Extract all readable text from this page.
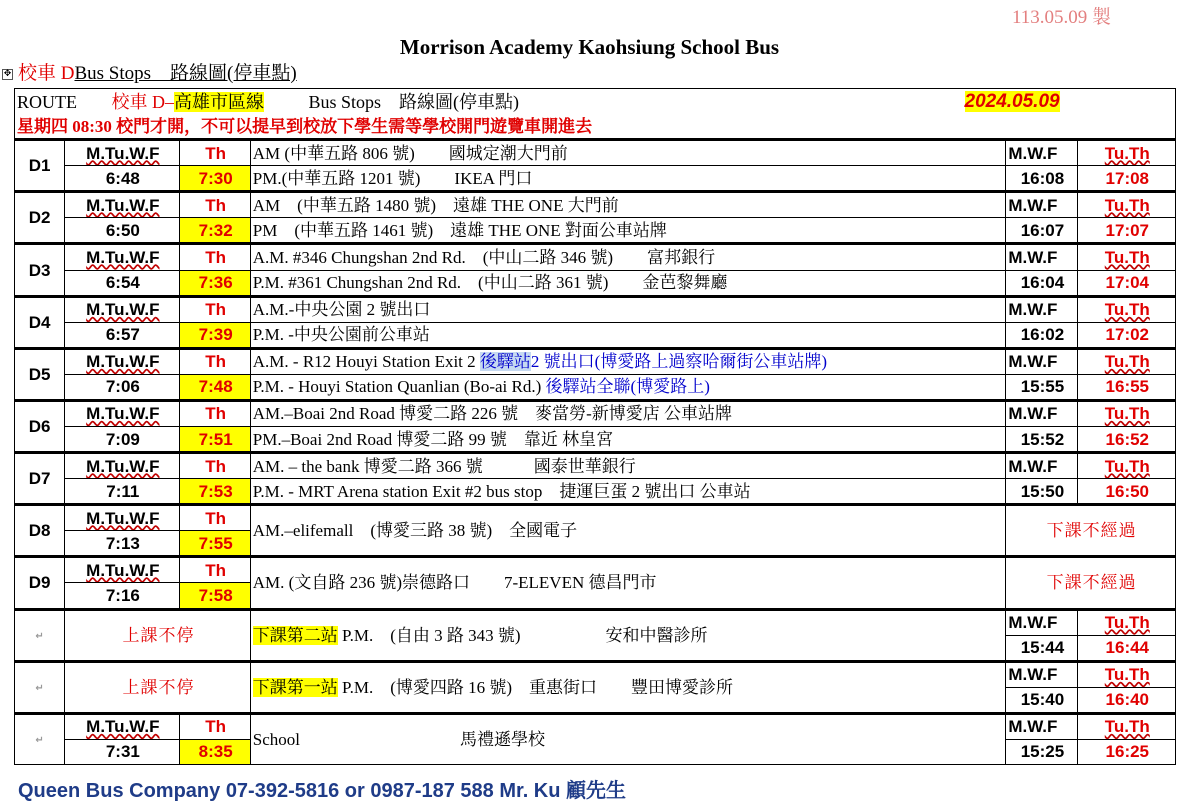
113.05.09 製
Morrison Academy Kaohsiung School Bus
✥ 校車 DBus Stops　路線圖(停車點)
ROUTE 校車 D–高雄市區線 Bus Stops　路線圖(停車點) 2024.05.09					

星期四 08:30 校門才開，不可以提早到校放下學生需等學校開門遊覽車開進去					
D1	M.Tu.W.F	Th	AM (中華五路 806 號)　　國城定潮大門前	M.W.F	Tu.Th
	6:48	7:30	PM.(中華五路 1201 號)　　IKEA 門口	16:08	17:08
D2	M.Tu.W.F	Th	AM　(中華五路 1480 號)　遠雄 THE ONE 大門前	M.W.F	Tu.Th
	6:50	7:32	PM　(中華五路 1461 號)　遠雄 THE ONE 對面公車站牌	16:07	17:07
D3	M.Tu.W.F	Th	A.M. #346 Chungshan 2nd Rd.　(中山二路 346 號)　　富邦銀行	M.W.F	Tu.Th
	6:54	7:36	P.M. #361 Chungshan 2nd Rd.　(中山二路 361 號)　　金芭黎舞廳	16:04	17:04
D4	M.Tu.W.F	Th	A.M.-中央公園 2 號出口	M.W.F	Tu.Th
	6:57	7:39	P.M. -中央公園前公車站	16:02	17:02
D5	M.Tu.W.F	Th	A.M. - R12 Houyi Station Exit 2 後驛站2 號出口(博愛路上過察哈爾街公車站牌)	M.W.F	Tu.Th
	7:06	7:48	P.M. - Houyi Station Quanlian (Bo-ai Rd.) 後驛站全聯(博愛路上)	15:55	16:55
D6	M.Tu.W.F	Th	AM.–Boai 2nd Road 博愛二路 226 號　麥當勞-新博愛店 公車站牌	M.W.F	Tu.Th
	7:09	7:51	PM.–Boai 2nd Road 博愛二路 99 號　靠近 林皇宮	15:52	16:52
D7	M.Tu.W.F	Th	AM. – the bank 博愛二路 366 號　　　國泰世華銀行	M.W.F	Tu.Th
	7:11	7:53	P.M. - MRT Arena station Exit #2 bus stop　捷運巨蛋 2 號出口 公車站	15:50	16:50
D8	M.Tu.W.F	Th	AM.–elifemall　(博愛三路 38 號)　全國電子	下課不經過	
	7:13	7:55			
D9	M.Tu.W.F	Th	AM. (文自路 236 號)崇德路口　　7-ELEVEN 德昌門市	下課不經過	
	7:16	7:58			
↵	上課不停		下課第二站 P.M.　(自由 3 路 343 號)　　　　　安和中醫診所	M.W.F	Tu.Th
				15:44	16:44
↵	上課不停		下課第一站 P.M.　(博愛四路 16 號)　重惠街口　　豐田博愛診所	M.W.F	Tu.Th
				15:40	16:40
↵	M.Tu.W.F	Th	School 馬禮遜學校	M.W.F	Tu.Th
	7:31	8:35		15:25	16:25
Queen Bus Company 07-392-5816 or 0987-187 588 Mr. Ku 顧先生
